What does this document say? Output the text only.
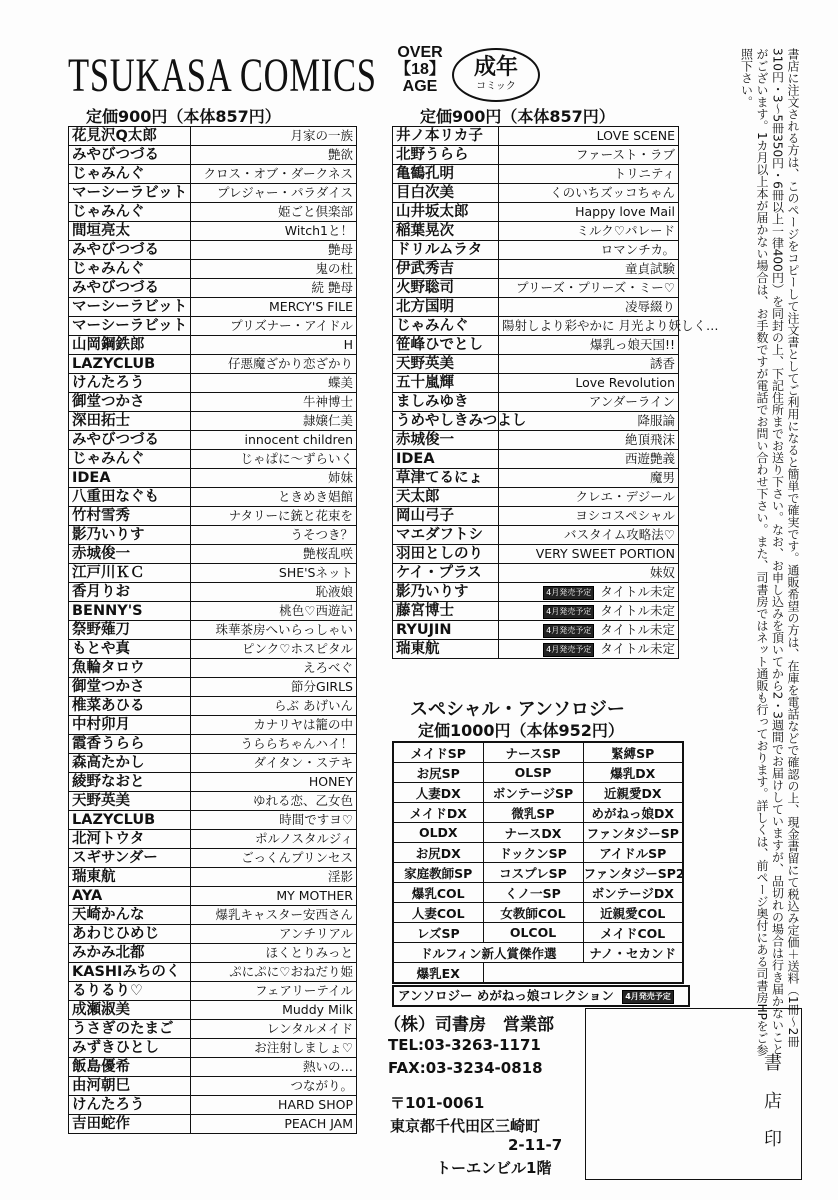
TSUKASA COMICS	OVER
【18】
AGE
成年
コミック
定価900円（本体857円）
花見沢Q太郎	月家の一族
みやびつづる	艶欲
じゃみんぐ	クロス・オブ・ダークネス
マーシーラビット	プレジャー・パラダイス
じゃみんぐ	姫ごと倶楽部
間垣亮太	Witch1と！
みやびつづる	艶母
じゃみんぐ	鬼の杜
みやびつづる	続 艶母
マーシーラビット	MERCY'S FILE
マーシーラビット	プリズナー・アイドル
山岡鋼鉄郎	H
LAZYCLUB	仔悪魔ざかり恋ざかり
けんたろう	蝶美
御堂つかさ	牛神博士
深田拓士	隷嬢仁美
みやびつづる	innocent children
じゃみんぐ	じゃぱに～ずらいく
IDEA	姉妹
八重田なぐも	ときめき娼館
竹村雪秀	ナタリーに銃と花束を
影乃いりす	うそつき？
赤城俊一	艶桜乱咲
江戸川ＫＣ	SHE'Sネット
香月りお	恥液娘
BENNY'S	桃色♡西遊記
祭野薙刀	珠華茶房へいらっしゃい
もとや真	ピンク♡ホスピタル
魚輪タロウ	えろべぐ
御堂つかさ	節分GIRLS
椎菜あひる	らぶ あげいん
中村卯月	カナリヤは籠の中
霞香うらら	うららちゃんハイ！
森高たかし	ダイタン・ステキ
綾野なおと	HONEY
天野英美	ゆれる恋、乙女色
LAZYCLUB	時間ですヨ♡
北河トウタ	ポルノスタルジィ
スギサンダー	ごっくんプリンセス
瑞東航	淫影
AYA	MY MOTHER
天崎かんな	爆乳キャスター安西さん
あわじひめじ	アンチリアル
みかみ北都	ほくとりみっと
KASHIみちのく	ぷにぷに♡おねだり姫
るりるり♡	フェアリーテイル
成瀬淑美	Muddy Milk
うさぎのたまご	レンタルメイド
みずきひとし	お注射しましょ♡
飯島優希	熱いの…
由河朝巳	つながり。
けんたろう	HARD SHOP
吉田蛇作	PEACH JAM
定価900円（本体857円）
井ノ本リカ子	LOVE SCENE
北野うらら	ファースト・ラブ
亀鶴孔明	トリニティ
目白次美	くのいちズッコちゃん
山井坂太郎	Happy love Mail
稲葉晃次	ミルク♡パレード
ドリルムラタ	ロマンチカ。
伊武秀吉	童貞試験
火野聡司	プリーズ・プリーズ・ミー♡
北方国明	凌辱綴り
じゃみんぐ	陽射しより彩やかに 月光より妖しく…
笹峰ひでとし	爆乳っ娘天国!!
天野英美	誘香
五十嵐輝	Love Revolution
ましみゆき	アンダーライン
うめやしきみつよし	降服論
赤城俊一	絶頂飛沫
IDEA	西遊艶義
草津てるにょ	魔男
天太郎	クレエ・デジール
岡山弓子	ヨシコスペシャル
マエダフトシ	バスタイム攻略法♡
羽田としのり	VERY SWEET PORTION
ケイ・プラス	妹奴
影乃いりす	4月発売予定 タイトル未定
藤宮博士	4月発売予定 タイトル未定
RYUJIN	4月発売予定 タイトル未定
瑞東航	4月発売予定 タイトル未定
スペシャル・アンソロジー
定価1000円（本体952円）
メイドSP	ナースSP	緊縛SP
お尻SP	OLSP	爆乳DX
人妻DX	ボンテージSP	近親愛DX
メイドDX	微乳SP	めがねっ娘DX
OLDX	ナースDX	ファンタジーSP
お尻DX	ドックンSP	アイドルSP
家庭教師SP	コスプレSP	ファンタジーSP2
爆乳COL	くノ一SP	ボンテージDX
人妻COL	女教師COL	近親愛COL
レズSP	OLCOL	メイドCOL
ドルフィン新人賞傑作選		ナノ・セカンド
爆乳EX		
アンソロジー めがねっ娘コレクション 4月発売予定
（株）司書房　営業部
TEL:03-3263-1171
FAX:03-3234-0818
〒101-0061
東京都千代田区三崎町
2-11-7
トーエンビル1階
書
店
印
書店に注文される方は、このページをコピーして注文書としてご利用になると簡単で確実です。通販希望の方は、在庫を電話などで確認の上、現金書留にて税込み定価＋送料（1冊～2冊310円・3～5冊350円・6冊以上一律400円）を同封の上、下記住所までお送り下さい。なお、お申し込みを頂いてから2・3週間でお届けしていますが、品切れの場合は行き届かないことがございます。1カ月以上本が届かない場合は、お手数ですが電話でお問い合わせ下さい。また、司書房ではネット通販も行っております。詳しくは、前ページ奥付にある司書房HPをご参照下さい。
